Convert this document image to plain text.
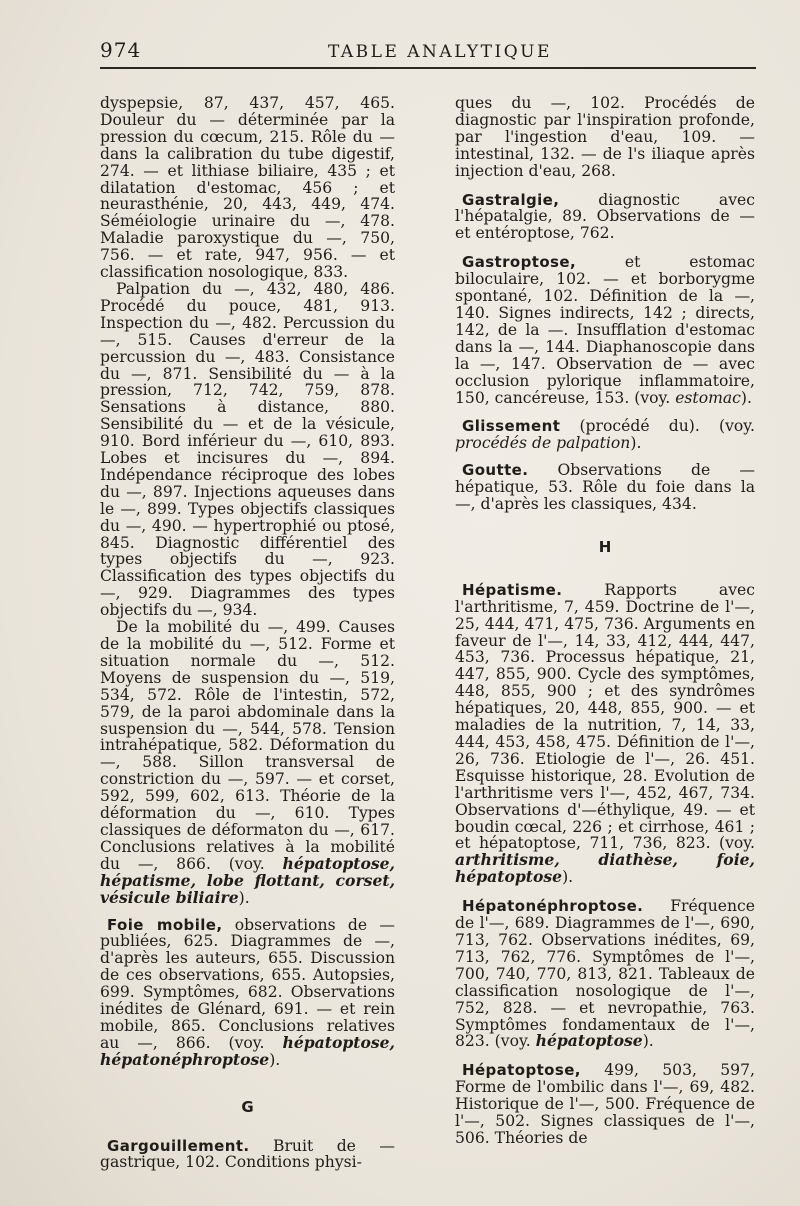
974	TABLE ANALYTIQUE

dyspepsie, 87, 437, 457, 465. Douleur du — déterminée par la pression du cœcum, 215. Rôle du — dans la calibration du tube digestif, 274. — et lithiase biliaire, 435 ; et dilatation d'estomac, 456 ; et neurasthénie, 20, 443, 449, 474. Séméiologie urinaire du —, 478. Maladie paroxystique du —, 750, 756. — et rate, 947, 956. — et classification nosologique, 833.

Palpation du —, 432, 480, 486. Procédé du pouce, 481, 913. Inspection du —, 482. Percussion du —, 515. Causes d'erreur de la percussion du —, 483. Consistance du —, 871. Sensibilité du — à la pression, 712, 742, 759, 878. Sensations à distance, 880. Sensibilité du — et de la vésicule, 910. Bord inférieur du —, 610, 893. Lobes et incisures du —, 894. Indépendance réciproque des lobes du —, 897. Injections aqueuses dans le —, 899. Types objectifs classiques du —, 490. — hypertrophié ou ptosé, 845. Diagnostic différentiel des types objectifs du —, 923. Classification des types objectifs du —, 929. Diagrammes des types objectifs du —, 934.

De la mobilité du —, 499. Causes de la mobilité du —, 512. Forme et situation normale du —, 512. Moyens de suspension du —, 519, 534, 572. Rôle de l'intestin, 572, 579, de la paroi abdominale dans la suspension du —, 544, 578. Tension intrahépatique, 582. Déformation du —, 588. Sillon transversal de constriction du —, 597. — et corset, 592, 599, 602, 613. Théorie de la déformation du —, 610. Types classiques de déformaton du —, 617. Conclusions relatives à la mobilité du —, 866. (voy. hépatoptose, hépatisme, lobe flottant, corset, vésicule biliaire).

Foie mobile, observations de — publiées, 625. Diagrammes de —, d'après les auteurs, 655. Discussion de ces observations, 655. Autopsies, 699. Symptômes, 682. Observations inédites de Glénard, 691. — et rein mobile, 865. Conclusions relatives au —, 866. (voy. hépatoptose, hépatonéphroptose).

G

Gargouillement. Bruit de — gastrique, 102. Conditions physi-

ques du —, 102. Procédés de diagnostic par l'inspiration profonde, par l'ingestion d'eau, 109. — intestinal, 132. — de l's iliaque après injection d'eau, 268.

Gastralgie, diagnostic avec l'hépatalgie, 89. Observations de — et entéroptose, 762.

Gastroptose, et estomac biloculaire, 102. — et borborygme spontané, 102. Définition de la —, 140. Signes indirects, 142 ; directs, 142, de la —. Insufflation d'estomac dans la —, 144. Diaphanoscopie dans la —, 147. Observation de — avec occlusion pylorique inflammatoire, 150, cancéreuse, 153. (voy. estomac).

Glissement (procédé du). (voy. procédés de palpation).

Goutte. Observations de — hépatique, 53. Rôle du foie dans la —, d'après les classiques, 434.

H

Hépatisme. Rapports avec l'arthritisme, 7, 459. Doctrine de l'—, 25, 444, 471, 475, 736. Arguments en faveur de l'—, 14, 33, 412, 444, 447, 453, 736. Processus hépatique, 21, 447, 855, 900. Cycle des symptômes, 448, 855, 900 ; et des syndrômes hépatiques, 20, 448, 855, 900. — et maladies de la nutrition, 7, 14, 33, 444, 453, 458, 475. Définition de l'—, 26, 736. Etiologie de l'—, 26. 451. Esquisse historique, 28. Evolution de l'arthritisme vers l'—, 452, 467, 734. Observations d'—éthylique, 49. — et boudin cœcal, 226 ; et cirrhose, 461 ; et hépatoptose, 711, 736, 823. (voy. arthritisme, diathèse, foie, hépatoptose).

Hépatonéphroptose. Fréquence de l'—, 689. Diagrammes de l'—, 690, 713, 762. Observations inédites, 69, 713, 762, 776. Symptômes de l'—, 700, 740, 770, 813, 821. Tableaux de classification nosologique de l'—, 752, 828. — et nevropathie, 763. Symptômes fondamentaux de l'—, 823. (voy. hépatoptose).

Hépatoptose, 499, 503, 597, Forme de l'ombilic dans l'—, 69, 482. Historique de l'—, 500. Fréquence de l'—, 502. Signes classiques de l'—, 506. Théories de
